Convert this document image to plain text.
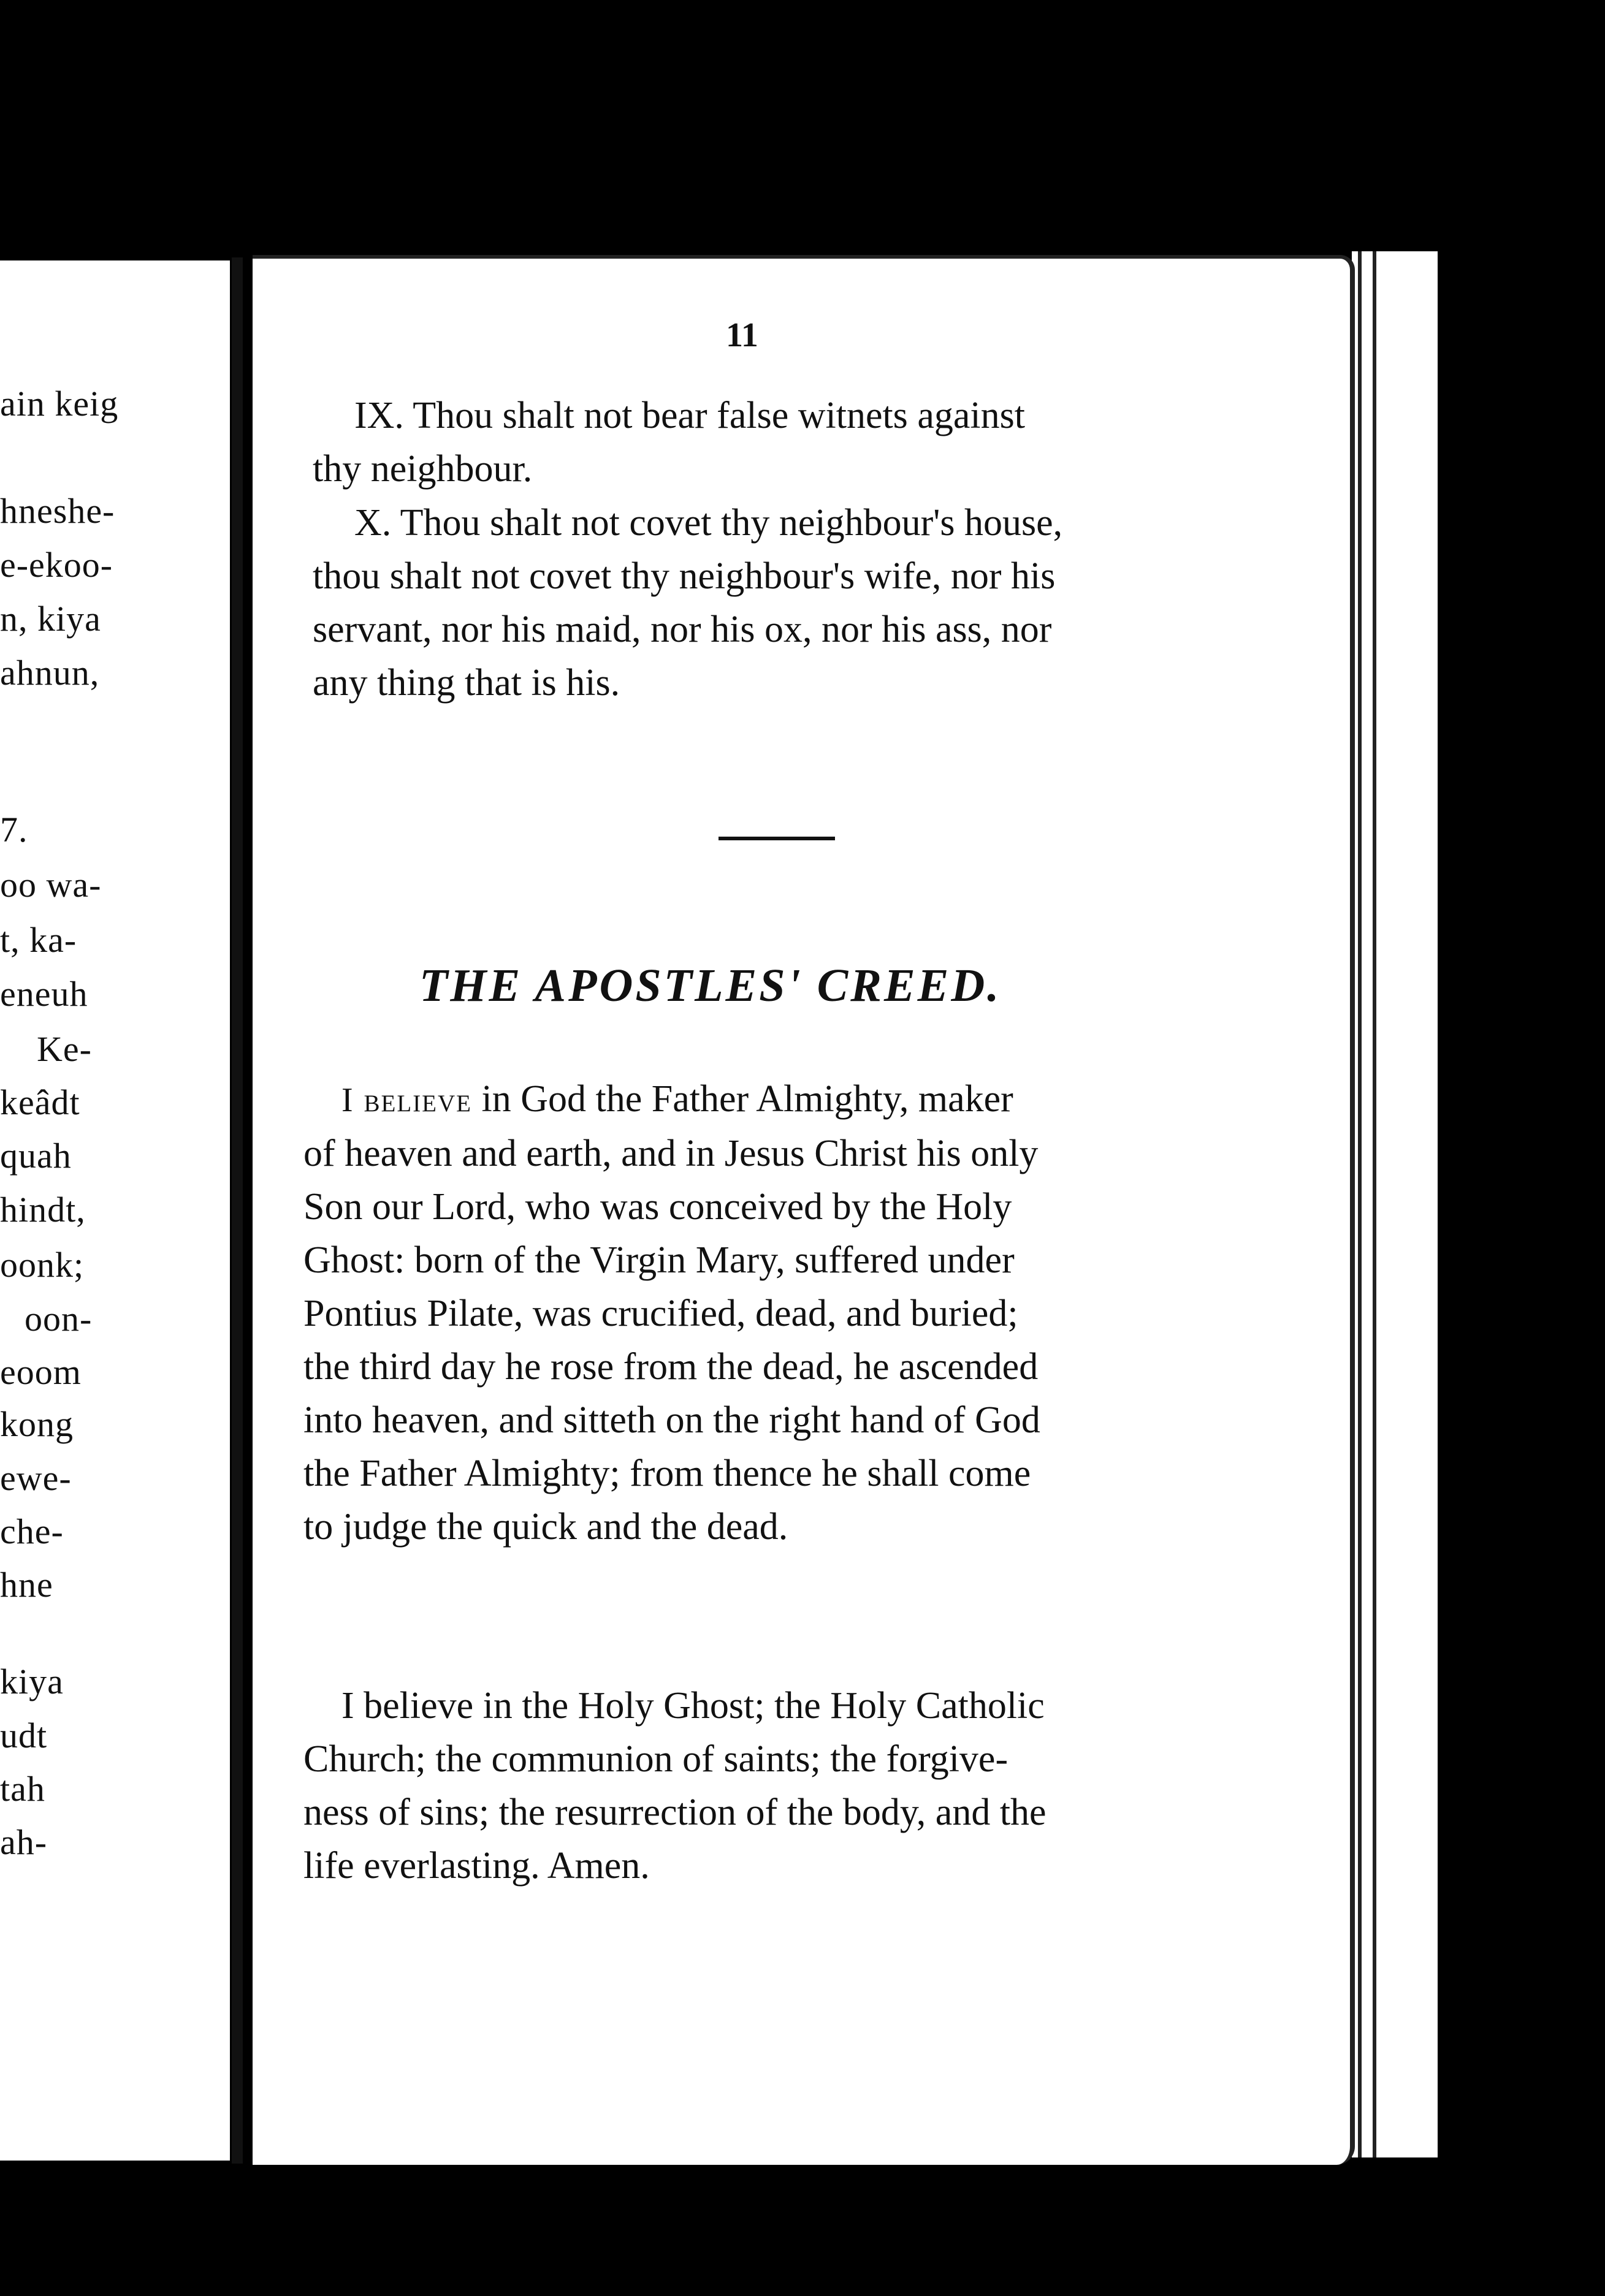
ain keig
hneshe-
e-ekoo-
n, kiya
ahnun,
7.
oo wa-
t, ka-
eneuh
Ke-
keâdt
quah
hindt,
oonk;
oon-
eoom
kong
ewe-
che-
hne
kiya
udt
tah
ah-
11
IX. Thou shalt not bear false witnets against
thy neighbour.
X. Thou shalt not covet thy neighbour's house,
thou shalt not covet thy neighbour's wife, nor his
servant, nor his maid, nor his ox, nor his ass, nor
any thing that is his.
THE APOSTLES' CREED.
I believe in God the Father Almighty, maker
of heaven and earth, and in Jesus Christ his only
Son our Lord, who was conceived by the Holy
Ghost: born of the Virgin Mary, suffered under
Pontius Pilate, was crucified, dead, and buried;
the third day he rose from the dead, he ascended
into heaven, and sitteth on the right hand of God
the Father Almighty; from thence he shall come
to judge the quick and the dead.
I believe in the Holy Ghost; the Holy Catholic
Church; the communion of saints; the forgive-
ness of sins; the resurrection of the body, and the
life everlasting. Amen.
